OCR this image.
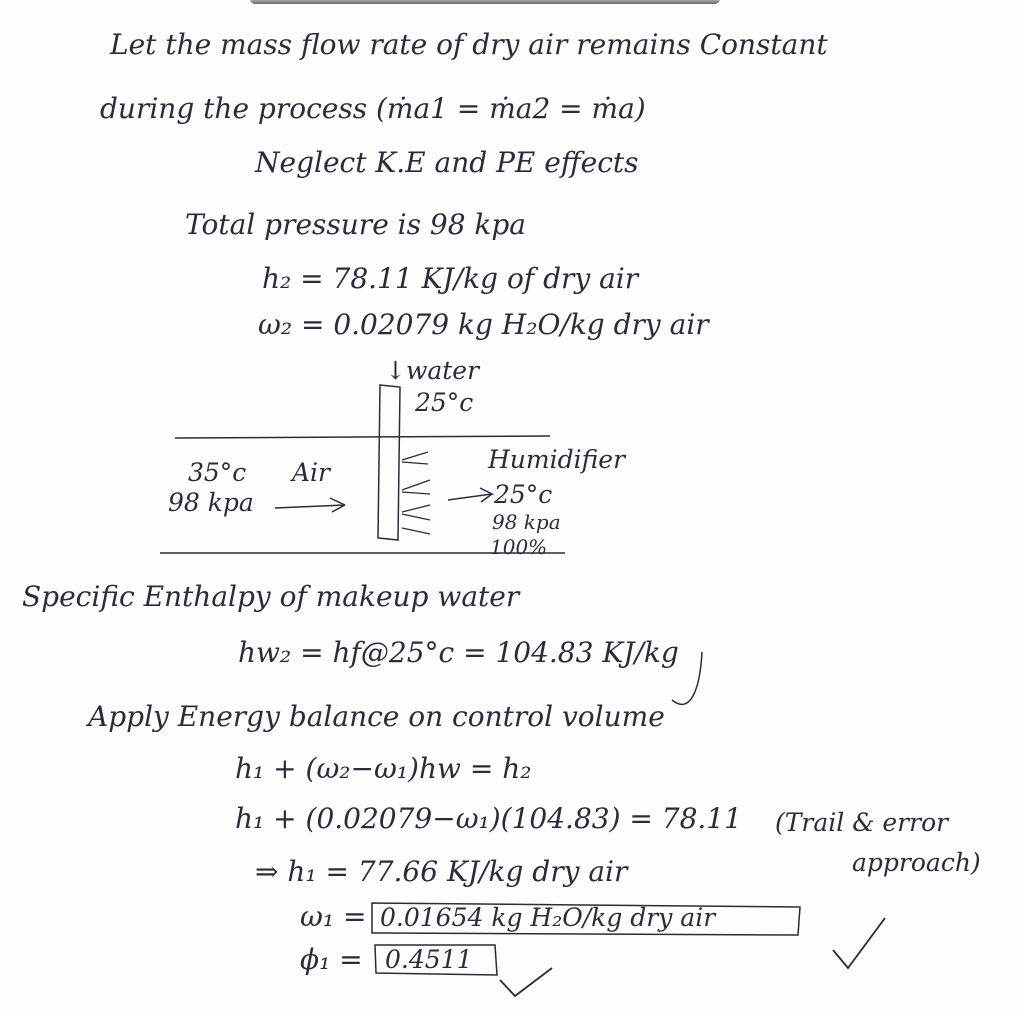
Let the mass flow rate of dry air remains Constant
during the process (ṁa1 = ṁa2 = ṁa)
Neglect K.E and PE effects
Total pressure is 98 kpa
h₂ = 78.11 KJ/kg of dry air
ω₂ = 0.02079 kg H₂O/kg dry air
↓water
25°c
35°c
98 kpa
Air	Humidifier
25°c
98 kpa
100%
Specific Enthalpy of makeup water
hw₂ = hf@25°c = 104.83 KJ/kg
Apply Energy balance on control volume
h₁ + (ω₂−ω₁)hw = h₂
h₁ + (0.02079−ω₁)(104.83) = 78.11 (Trail & error
approach)
⇒ h₁ = 77.66 KJ/kg dry air
ω₁ = 0.01654 kg H₂O/kg dry air
ϕ₁ = 0.4511
